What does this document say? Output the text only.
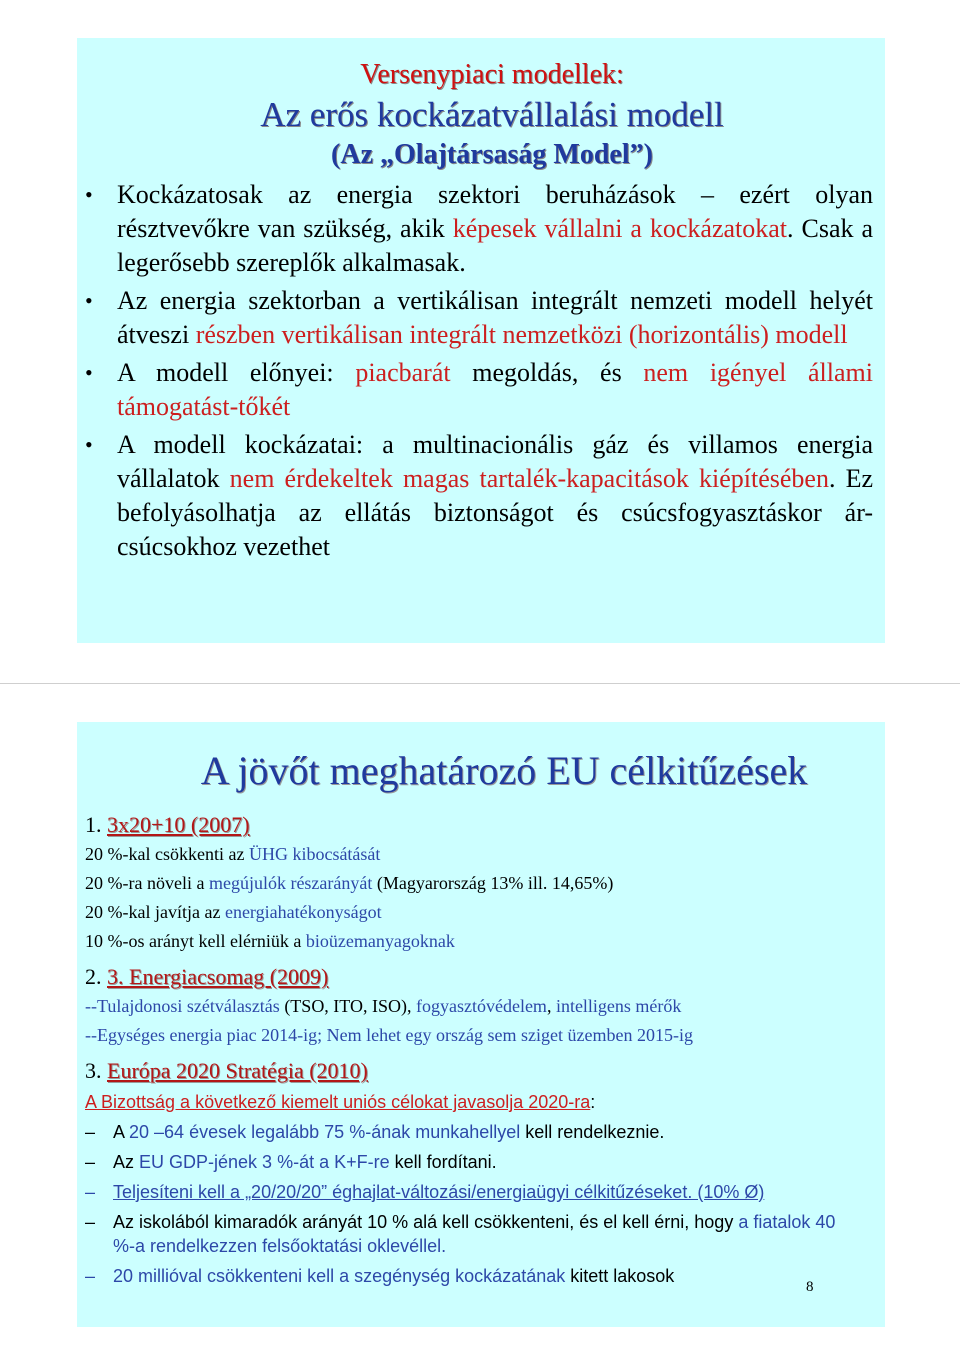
Versenypiaci modellek:
Az erős kockázatvállalási modell
(Az „Olajtársaság Model”)
• Kockázatosak az energia szektori beruházások – ezért olyan résztvevőkre van szükség, akik képesek vállalni a kockázatokat. Csak a legerősebb szereplők alkalmasak.
• Az energia szektorban a vertikálisan integrált nemzeti modell helyét átveszi részben vertikálisan integrált nemzetközi (horizontális) modell
• A modell előnyei: piacbarát megoldás, és nem igényel állami támogatást-tőkét
• A modell kockázatai: a multinacionális gáz és villamos energia vállalatok nem érdekeltek magas tartalék-kapacitások kiépítésében. Ez befolyásolhatja az ellátás biztonságot és csúcsfogyasztáskor ár-csúcsokhoz vezethet
A jövőt meghatározó EU célkitűzések
1. 3x20+10 (2007)
20 %-kal csökkenti az ÜHG kibocsátását
20 %-ra növeli a megújulók részarányát (Magyarország 13% ill. 14,65%)
20 %-kal javítja az energiahatékonyságot
10 %-os arányt kell elérniük a bioüzemanyagoknak
2. 3. Energiacsomag (2009)
--Tulajdonosi szétválasztás (TSO, ITO, ISO), fogyasztóvédelem, intelligens mérők
--Egységes energia piac 2014-ig; Nem lehet egy ország sem sziget üzemben 2015-ig
3. Európa 2020 Stratégia (2010)
A Bizottság a következő kiemelt uniós célokat javasolja 2020-ra:
– A 20 –64 évesek legalább 75 %-ának munkahellyel kell rendelkeznie.
– Az EU GDP-jének 3 %-át a K+F-re kell fordítani.
– Teljesíteni kell a „20/20/20” éghajlat-változási/energiaügyi célkitűzéseket. (10% Ø)
– Az iskolából kimaradók arányát 10 % alá kell csökkenteni, és el kell érni, hogy a fiatalok 40 %-a rendelkezzen felsőoktatási oklevéllel.
– 20 millióval csökkenteni kell a szegénység kockázatának kitett lakosok
8
